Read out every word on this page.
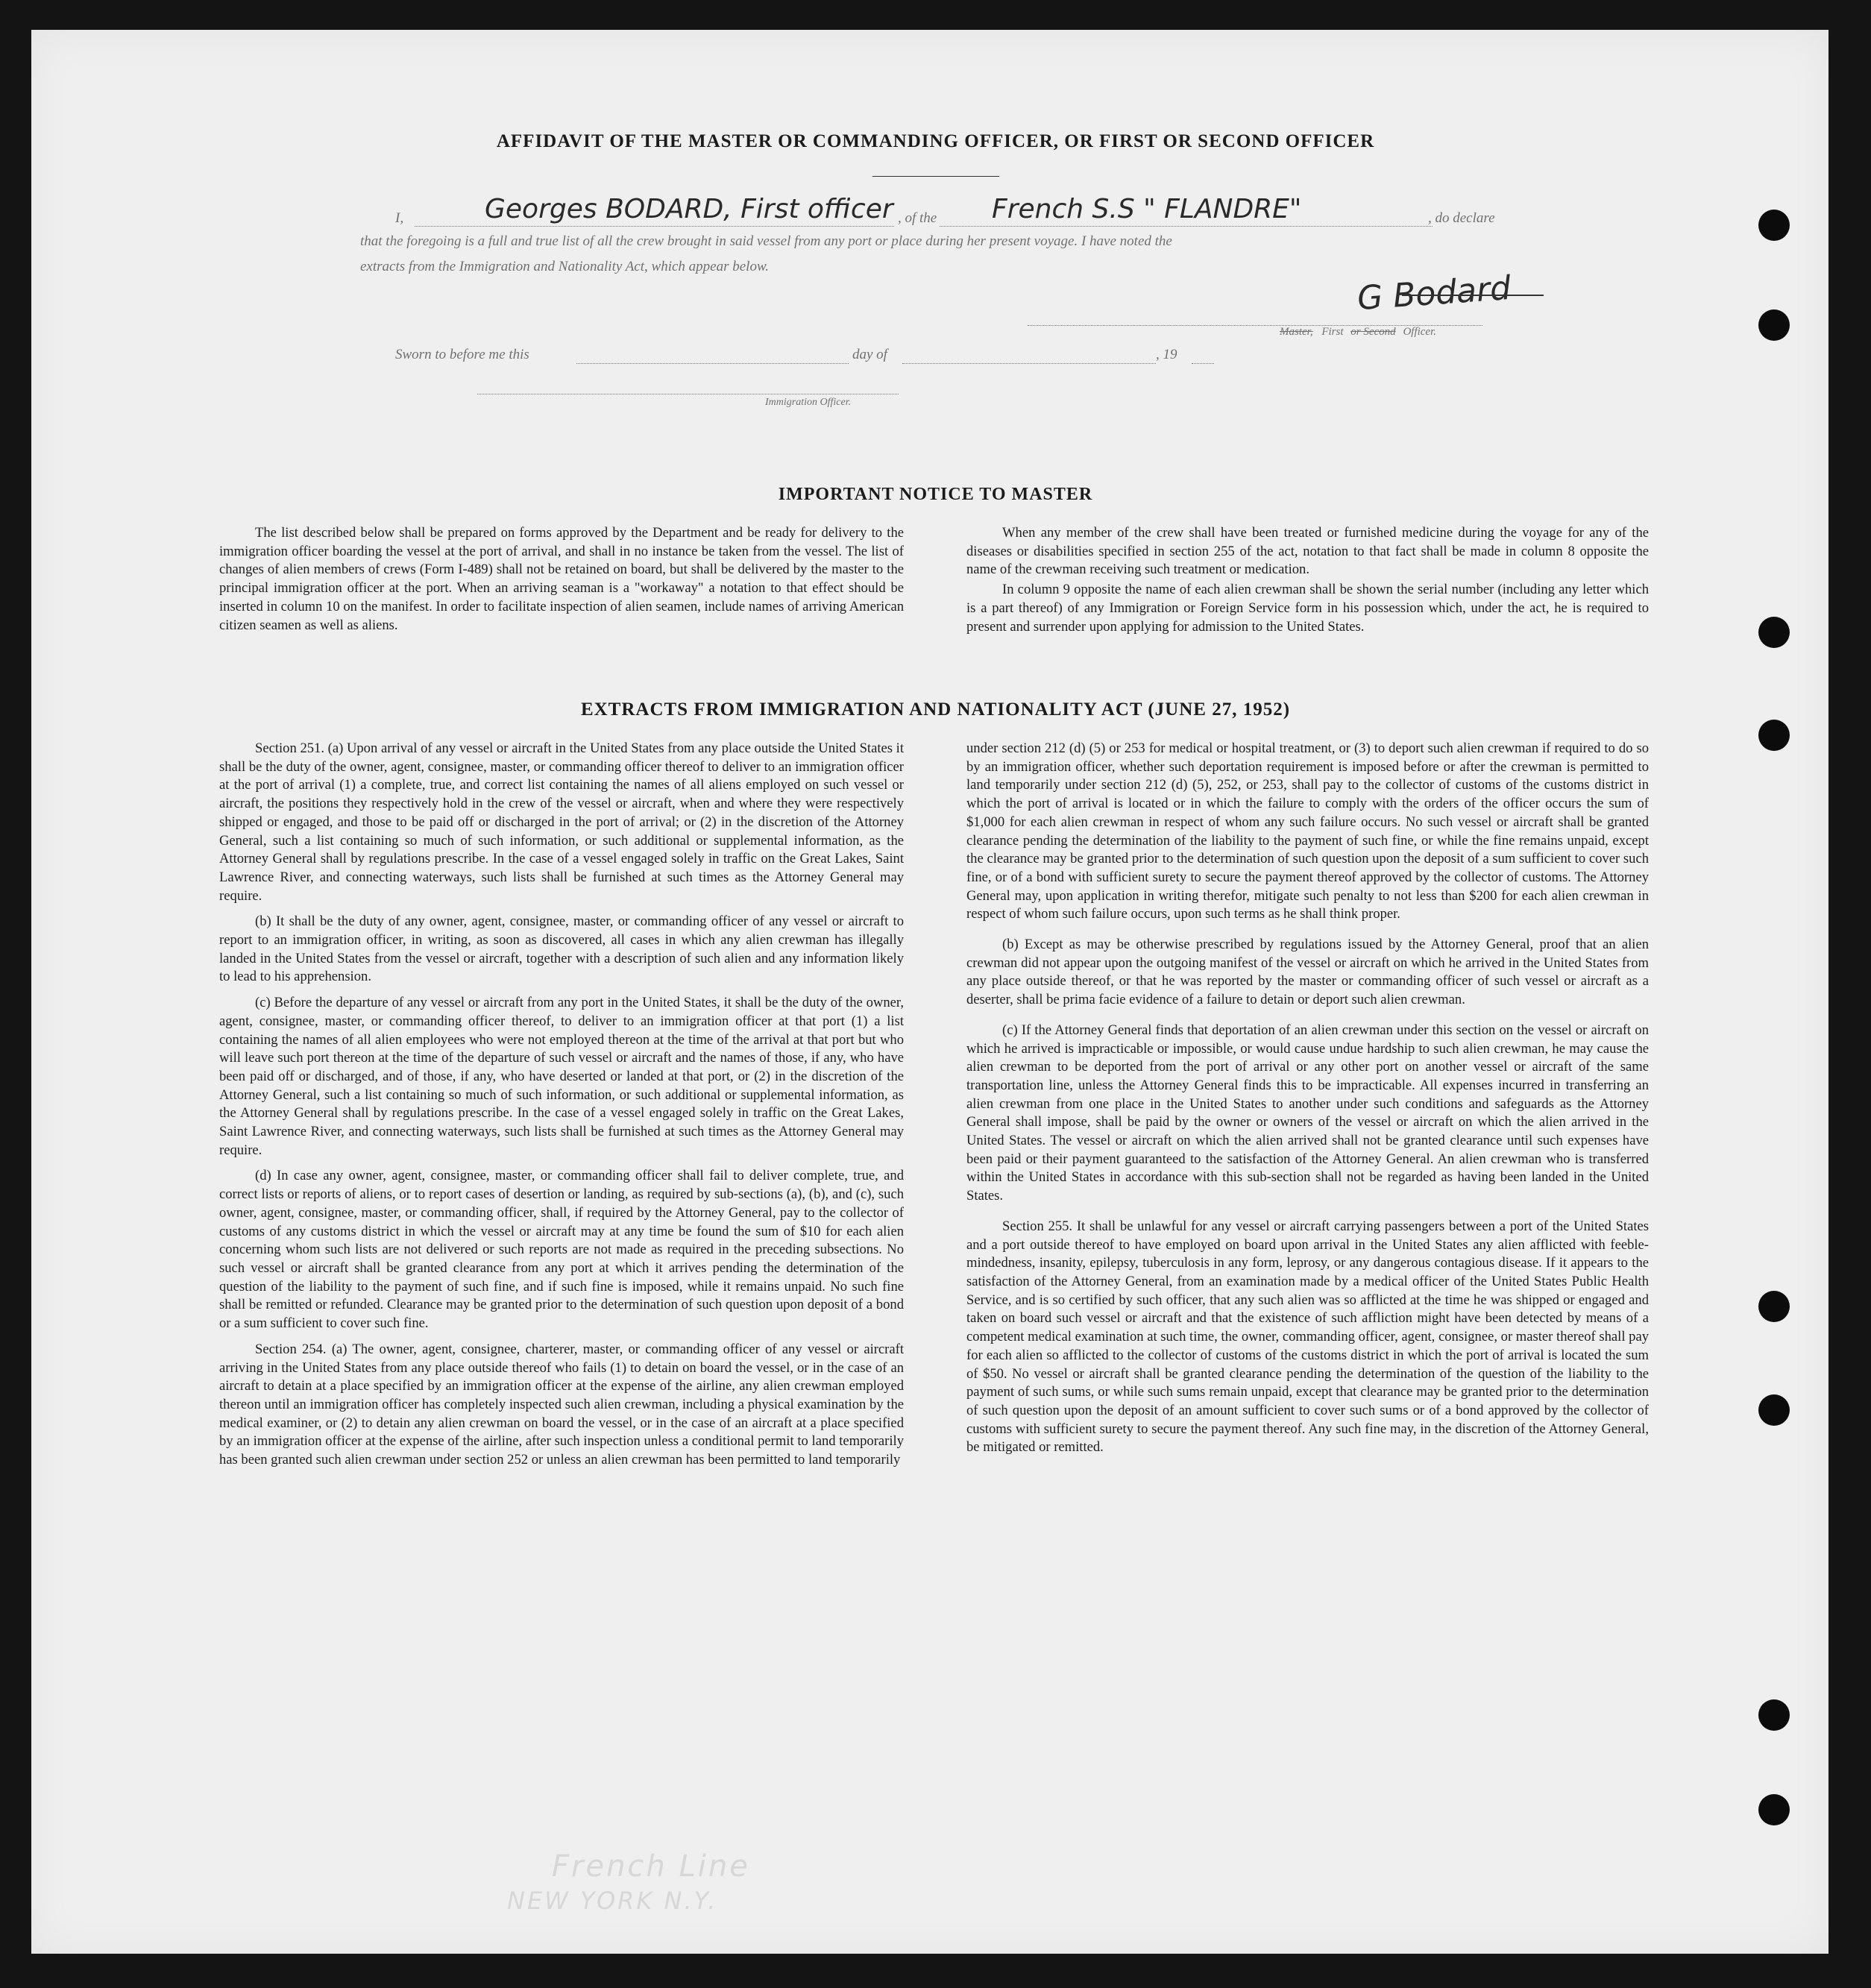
AFFIDAVIT OF THE MASTER OR COMMANDING OFFICER, OR FIRST OR SECOND OFFICER
I,	Georges BODARD, First officer , of the French S.S " FLANDRE"	, do declare
that the foregoing is a full and true list of all the crew brought in said vessel from any port or place during her present voyage. I have noted the
extracts from the Immigration and Nationality Act, which appear below.
G Bodard
Master, First or Second Officer.
Sworn to before me this	day of	, 19
Immigration Officer.
IMPORTANT NOTICE TO MASTER

The list described below shall be prepared on forms approved by the Department and be ready for delivery to the immigration officer boarding the vessel at the port of arrival, and shall in no instance be taken from the vessel. The list of changes of alien members of crews (Form I-489) shall not be retained on board, but shall be delivered by the master to the principal immigration officer at the port. When an arriving seaman is a "workaway" a notation to that effect should be inserted in column 10 on the manifest. In order to facilitate inspection of alien seamen, include names of arriving American citizen seamen as well as aliens.

When any member of the crew shall have been treated or furnished medicine during the voyage for any of the diseases or disabilities specified in section 255 of the act, notation to that fact shall be made in column 8 opposite the name of the crewman receiving such treatment or medication.

In column 9 opposite the name of each alien crewman shall be shown the serial number (including any letter which is a part thereof) of any Immigration or Foreign Service form in his possession which, under the act, he is required to present and surrender upon applying for admission to the United States.

EXTRACTS FROM IMMIGRATION AND NATIONALITY ACT (JUNE 27, 1952)

Section 251. (a) Upon arrival of any vessel or aircraft in the United States from any place outside the United States it shall be the duty of the owner, agent, consignee, master, or commanding officer thereof to deliver to an immigration officer at the port of arrival (1) a complete, true, and correct list containing the names of all aliens employed on such vessel or aircraft, the positions they respectively hold in the crew of the vessel or aircraft, when and where they were respectively shipped or engaged, and those to be paid off or discharged in the port of arrival; or (2) in the discretion of the Attorney General, such a list containing so much of such information, or such additional or supplemental information, as the Attorney General shall by regulations prescribe. In the case of a vessel engaged solely in traffic on the Great Lakes, Saint Lawrence River, and connecting waterways, such lists shall be furnished at such times as the Attorney General may require.

(b) It shall be the duty of any owner, agent, consignee, master, or commanding officer of any vessel or aircraft to report to an immigration officer, in writing, as soon as discovered, all cases in which any alien crewman has illegally landed in the United States from the vessel or aircraft, together with a description of such alien and any information likely to lead to his apprehension.

(c) Before the departure of any vessel or aircraft from any port in the United States, it shall be the duty of the owner, agent, consignee, master, or commanding officer thereof, to deliver to an immigration officer at that port (1) a list containing the names of all alien employees who were not employed thereon at the time of the arrival at that port but who will leave such port thereon at the time of the departure of such vessel or aircraft and the names of those, if any, who have been paid off or discharged, and of those, if any, who have deserted or landed at that port, or (2) in the discretion of the Attorney General, such a list containing so much of such information, or such additional or supplemental information, as the Attorney General shall by regulations prescribe. In the case of a vessel engaged solely in traffic on the Great Lakes, Saint Lawrence River, and connecting waterways, such lists shall be furnished at such times as the Attorney General may require.

(d) In case any owner, agent, consignee, master, or commanding officer shall fail to deliver complete, true, and correct lists or reports of aliens, or to report cases of desertion or landing, as required by sub-sections (a), (b), and (c), such owner, agent, consignee, master, or commanding officer, shall, if required by the Attorney General, pay to the collector of customs of any customs district in which the vessel or aircraft may at any time be found the sum of $10 for each alien concerning whom such lists are not delivered or such reports are not made as required in the preceding subsections. No such vessel or aircraft shall be granted clearance from any port at which it arrives pending the determination of the question of the liability to the payment of such fine, and if such fine is imposed, while it remains unpaid. No such fine shall be remitted or refunded. Clearance may be granted prior to the determination of such question upon deposit of a bond or a sum sufficient to cover such fine.

Section 254. (a) The owner, agent, consignee, charterer, master, or commanding officer of any vessel or aircraft arriving in the United States from any place outside thereof who fails (1) to detain on board the vessel, or in the case of an aircraft to detain at a place specified by an immigration officer at the expense of the airline, any alien crewman employed thereon until an immigration officer has completely inspected such alien crewman, including a physical examination by the medical examiner, or (2) to detain any alien crewman on board the vessel, or in the case of an aircraft at a place specified by an immigration officer at the expense of the airline, after such inspection unless a conditional permit to land temporarily has been granted such alien crewman under section 252 or unless an alien crewman has been permitted to land temporarily

under section 212 (d) (5) or 253 for medical or hospital treatment, or (3) to deport such alien crewman if required to do so by an immigration officer, whether such deportation requirement is imposed before or after the crewman is permitted to land temporarily under section 212 (d) (5), 252, or 253, shall pay to the collector of customs of the customs district in which the port of arrival is located or in which the failure to comply with the orders of the officer occurs the sum of $1,000 for each alien crewman in respect of whom any such failure occurs. No such vessel or aircraft shall be granted clearance pending the determination of the liability to the payment of such fine, or while the fine remains unpaid, except the clearance may be granted prior to the determination of such question upon the deposit of a sum sufficient to cover such fine, or of a bond with sufficient surety to secure the payment thereof approved by the collector of customs. The Attorney General may, upon application in writing therefor, mitigate such penalty to not less than $200 for each alien crewman in respect of whom such failure occurs, upon such terms as he shall think proper.

(b) Except as may be otherwise prescribed by regulations issued by the Attorney General, proof that an alien crewman did not appear upon the outgoing manifest of the vessel or aircraft on which he arrived in the United States from any place outside thereof, or that he was reported by the master or commanding officer of such vessel or aircraft as a deserter, shall be prima facie evidence of a failure to detain or deport such alien crewman.

(c) If the Attorney General finds that deportation of an alien crewman under this section on the vessel or aircraft on which he arrived is impracticable or impossible, or would cause undue hardship to such alien crewman, he may cause the alien crewman to be deported from the port of arrival or any other port on another vessel or aircraft of the same transportation line, unless the Attorney General finds this to be impracticable. All expenses incurred in transferring an alien crewman from one place in the United States to another under such conditions and safeguards as the Attorney General shall impose, shall be paid by the owner or owners of the vessel or aircraft on which the alien arrived in the United States. The vessel or aircraft on which the alien arrived shall not be granted clearance until such expenses have been paid or their payment guaranteed to the satisfaction of the Attorney General. An alien crewman who is transferred within the United States in accordance with this sub-section shall not be regarded as having been landed in the United States.

Section 255. It shall be unlawful for any vessel or aircraft carrying passengers between a port of the United States and a port outside thereof to have employed on board upon arrival in the United States any alien afflicted with feeble-mindedness, insanity, epilepsy, tuberculosis in any form, leprosy, or any dangerous contagious disease. If it appears to the satisfaction of the Attorney General, from an examination made by a medical officer of the United States Public Health Service, and is so certified by such officer, that any such alien was so afflicted at the time he was shipped or engaged and taken on board such vessel or aircraft and that the existence of such affliction might have been detected by means of a competent medical examination at such time, the owner, commanding officer, agent, consignee, or master thereof shall pay for each alien so afflicted to the collector of customs of the customs district in which the port of arrival is located the sum of $50. No vessel or aircraft shall be granted clearance pending the determination of the question of the liability to the payment of such sums, or while such sums remain unpaid, except that clearance may be granted prior to the determination of such question upon the deposit of an amount sufficient to cover such sums or of a bond approved by the collector of customs with sufficient surety to secure the payment thereof. Any such fine may, in the discretion of the Attorney General, be mitigated or remitted.

French Line
NEW YORK N.Y.
